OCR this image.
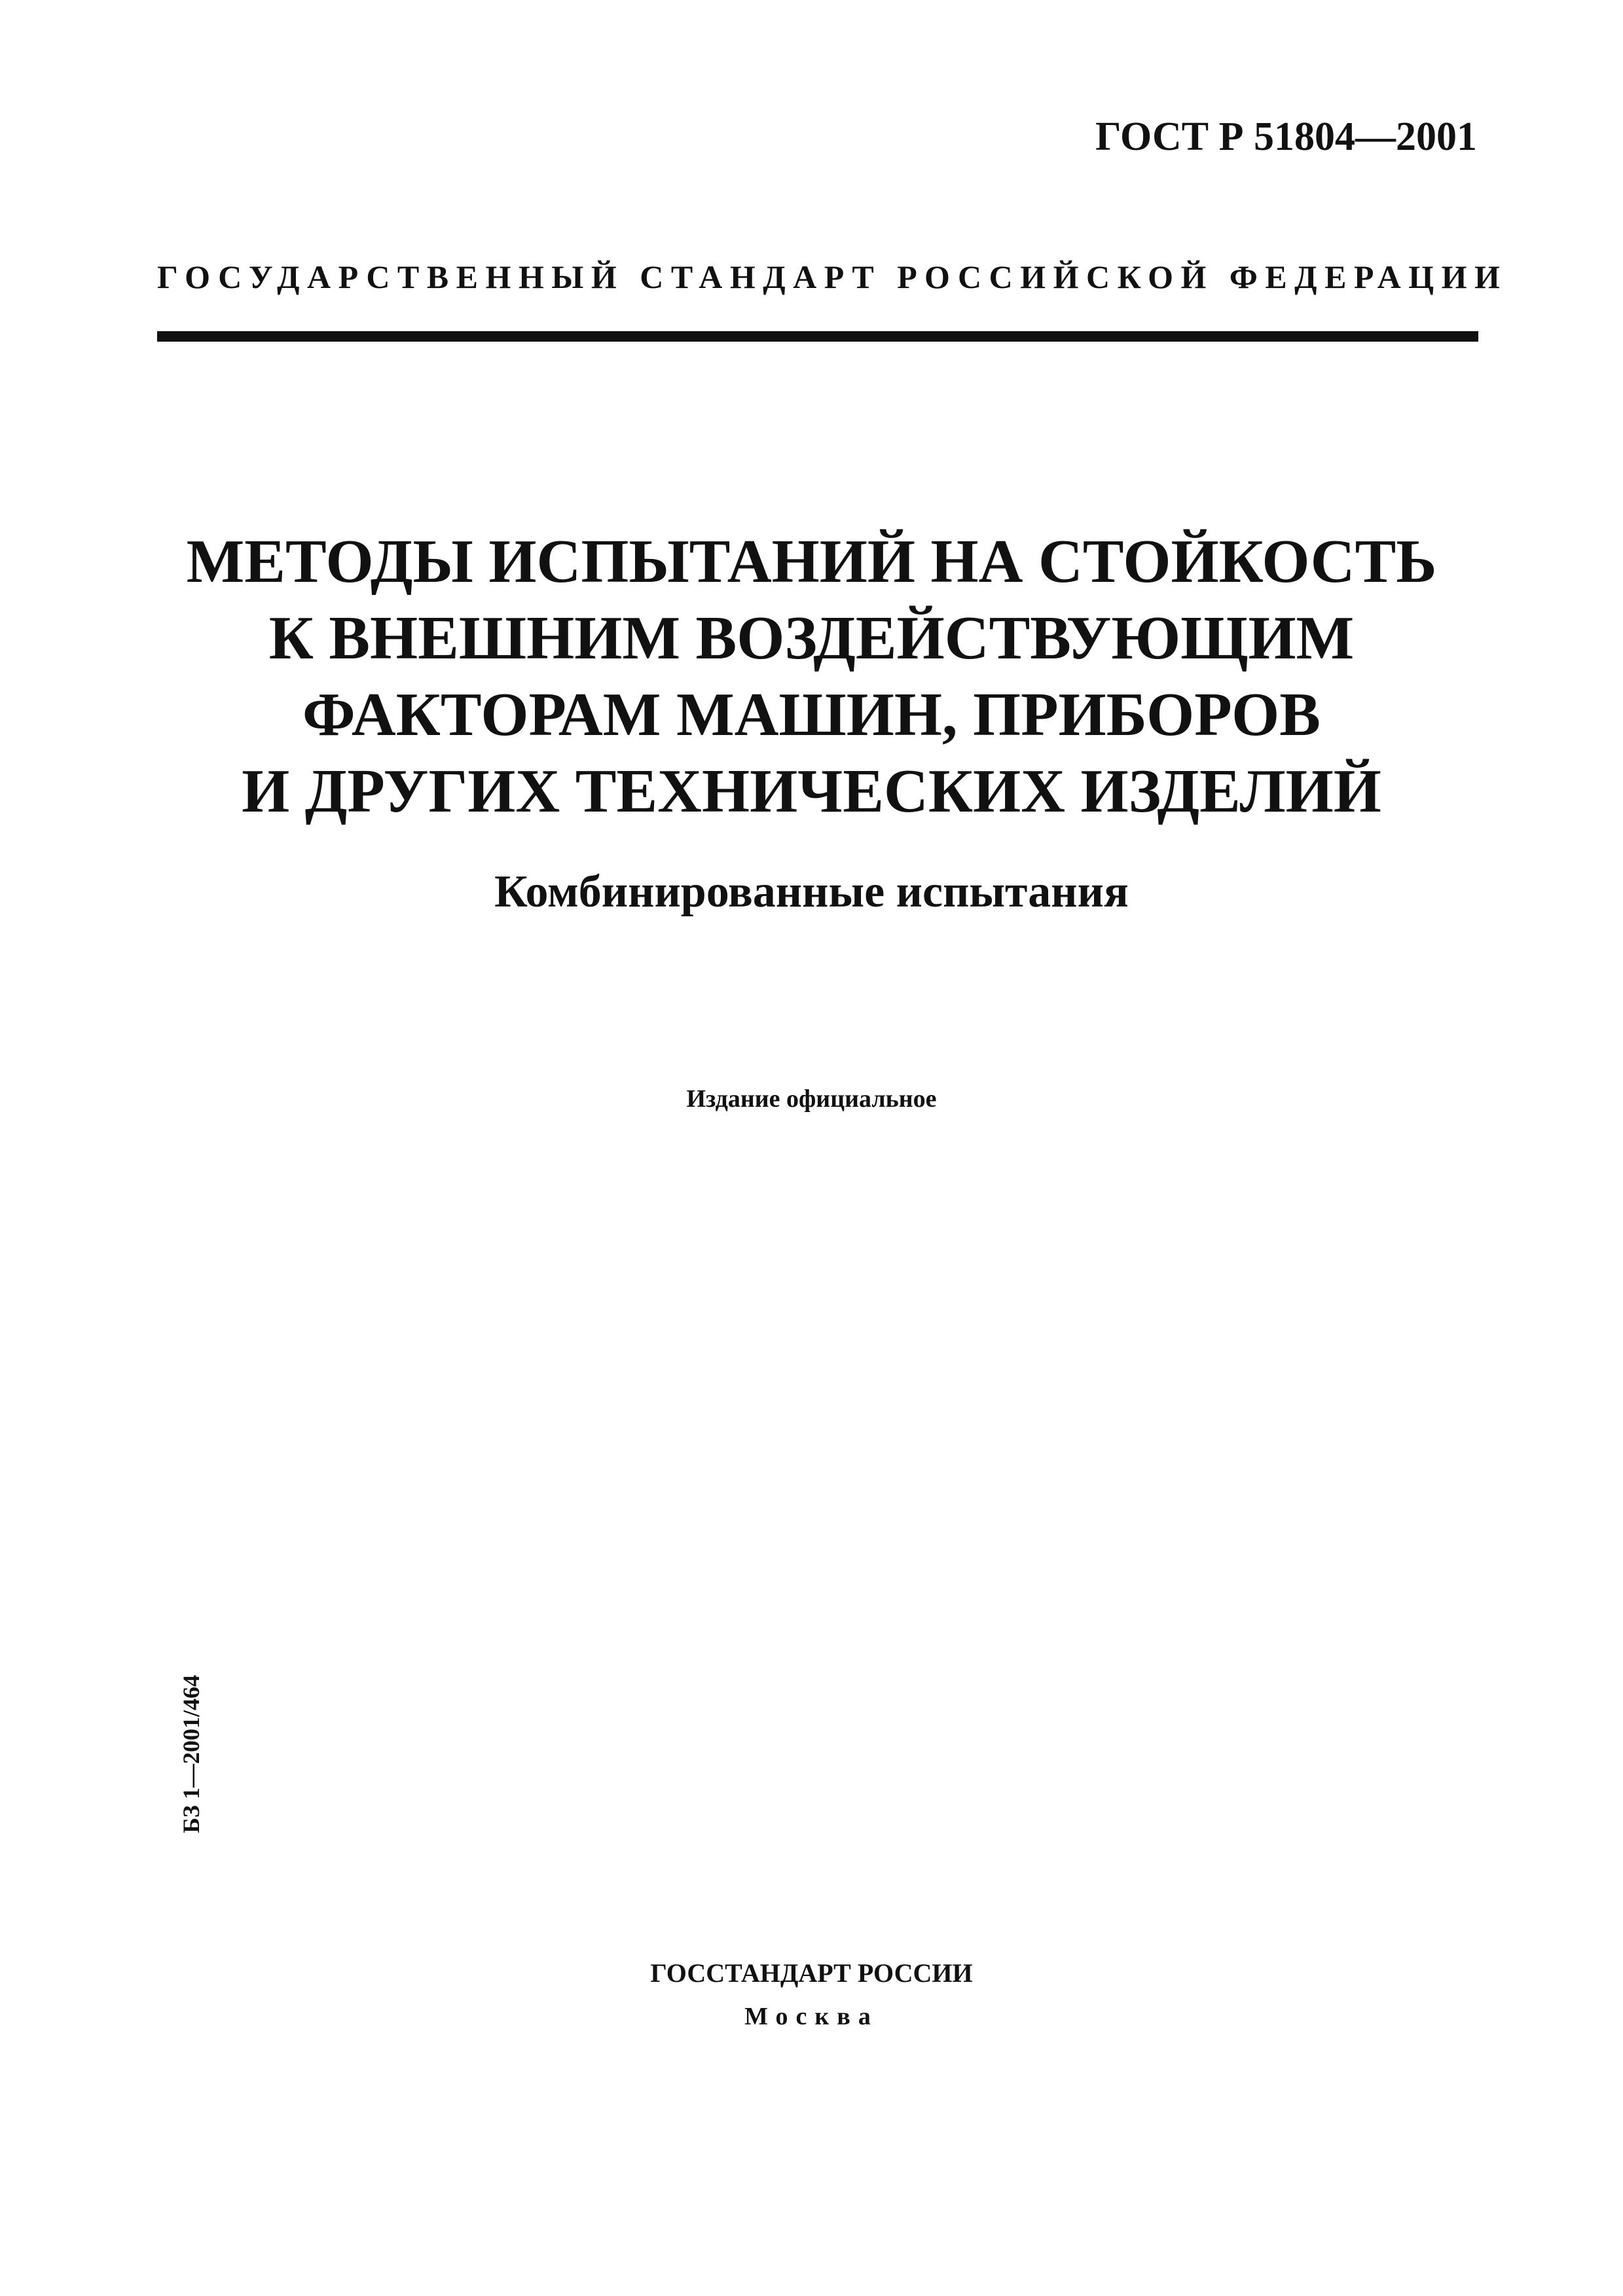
ГОСТ Р 51804—2001
ГОСУДАРСТВЕННЫЙ СТАНДАРТ РОССИЙСКОЙ ФЕДЕРАЦИИ
МЕТОДЫ ИСПЫТАНИЙ НА СТОЙКОСТЬ
К ВНЕШНИМ ВОЗДЕЙСТВУЮЩИМ
ФАКТОРАМ МАШИН, ПРИБОРОВ
И ДРУГИХ ТЕХНИЧЕСКИХ ИЗДЕЛИЙ
Комбинированные испытания
Издание официальное
БЗ 1—2001/464
ГОССТАНДАРТ РОССИИ
Москва
